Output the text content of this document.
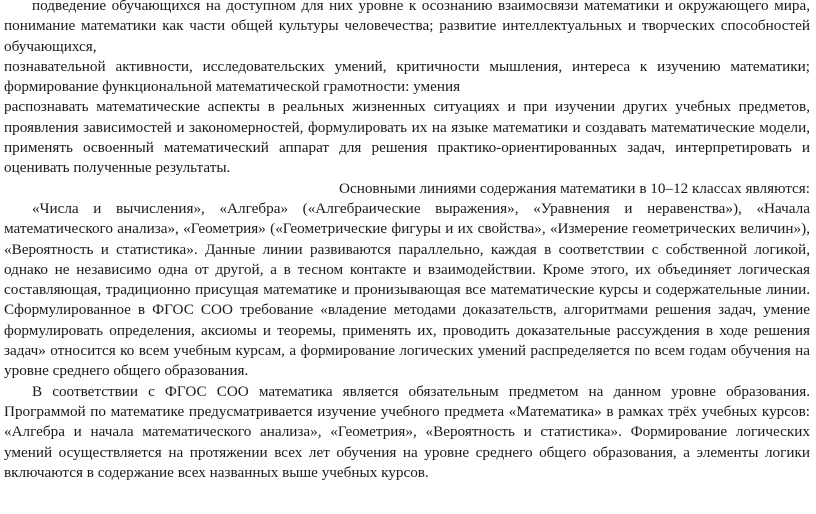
подведение обучающихся на доступном для них уровне к осознанию взаимосвязи математики и окружающего мира, понимание математики как части общей культуры человечества; развитие интеллектуальных и творческих способностей обучающихся,

познавательной активности, исследовательских умений, критичности мышления, интереса к изучению математики; формирование функциональной математической грамотности: умения

распознавать математические аспекты в реальных жизненных ситуациях и при изучении других учебных предметов, проявления зависимостей и закономерностей, формулировать их на языке математики и создавать математические модели, применять освоенный математический аппарат для решения практико-ориентированных задач, интерпретировать и оценивать полученные результаты.

Основными линиями содержания математики в 10–12 классах являются:

«Числа и вычисления», «Алгебра» («Алгебраические выражения», «Уравнения и неравенства»), «Начала математического анализа», «Геометрия» («Геометрические фигуры и их свойства», «Измерение геометрических величин»), «Вероятность и статистика». Данные линии развиваются параллельно, каждая в соответствии с собственной логикой, однако не независимо одна от другой, а в тесном контакте и взаимодействии. Кроме этого, их объединяет логическая составляющая, традиционно присущая математике и пронизывающая все математические курсы и содержательные линии. Сформулированное в ФГОС СОО требование «владение методами доказательств, алгоритмами решения задач, умение формулировать определения, аксиомы и теоремы, применять их, проводить доказательные рассуждения в ходе решения задач» относится ко всем учебным курсам, а формирование логических умений распределяется по всем годам обучения на уровне среднего общего образования.

В соответствии с ФГОС СОО математика является обязательным предметом на данном уровне образования. Программой по математике предусматривается изучение учебного предмета «Математика» в рамках трёх учебных курсов: «Алгебра и начала математического анализа», «Геометрия», «Вероятность и статистика». Формирование логических умений осуществляется на протяжении всех лет обучения на уровне среднего общего образования, а элементы логики включаются в содержание всех названных выше учебных курсов.
